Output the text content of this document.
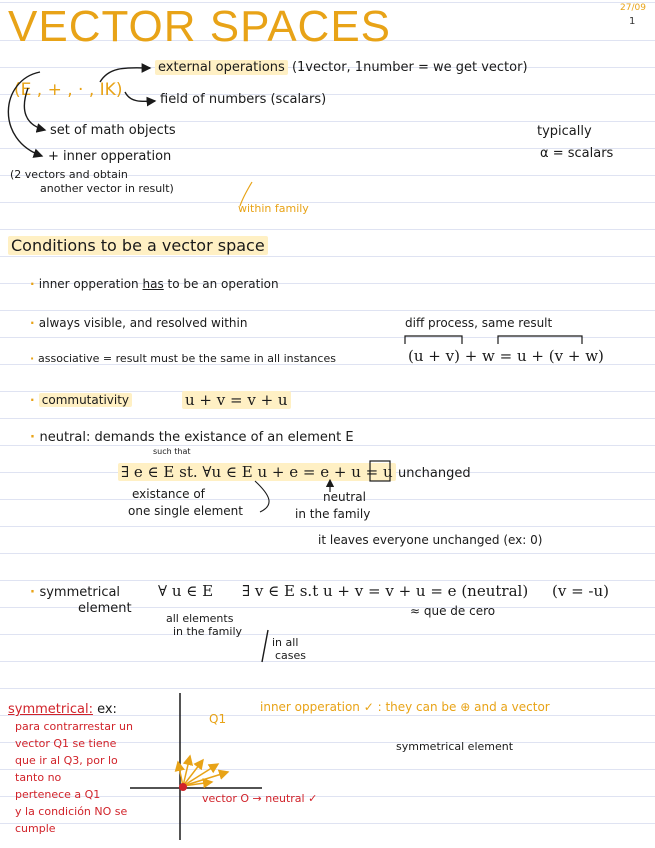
VECTOR SPACES	27/09
1
(E , + , · , IK)
external operations (1vector, 1number = we get vector)
field of numbers (scalars)
set of math objects
+ inner opperation
(2 vectors and obtain
another vector in result)
within family
typically
α = scalars
Conditions to be a vector space
· inner opperation has to be an operation
· always visible, and resolved within	diff process, same result
· associative = result must be the same in all instances	(u + v) + w = u + (v + w)
· commutativity	u + v = v + u
· neutral: demands the existance of an element E
such that
∃ e ∈ E st. ∀u ∈ E u + e = e + u = u unchanged
existance of
one single element
neutral
in the family
it leaves everyone unchanged (ex: 0)
· symmetrical
element
∀ u ∈ E ∃ v ∈ E s.t u + v = v + u = e (neutral) (v = -u)
≈ que de cero
all elements
in the family
in all
cases
symmetrical: ex:
para contrarrestar un
vector Q1 se tiene
que ir al Q3, por lo
tanto no
pertenece a Q1
y la condición NO se
cumple
Q1
inner opperation ✓ : they can be ⊕ and a vector
symmetrical element
vector O → neutral ✓
